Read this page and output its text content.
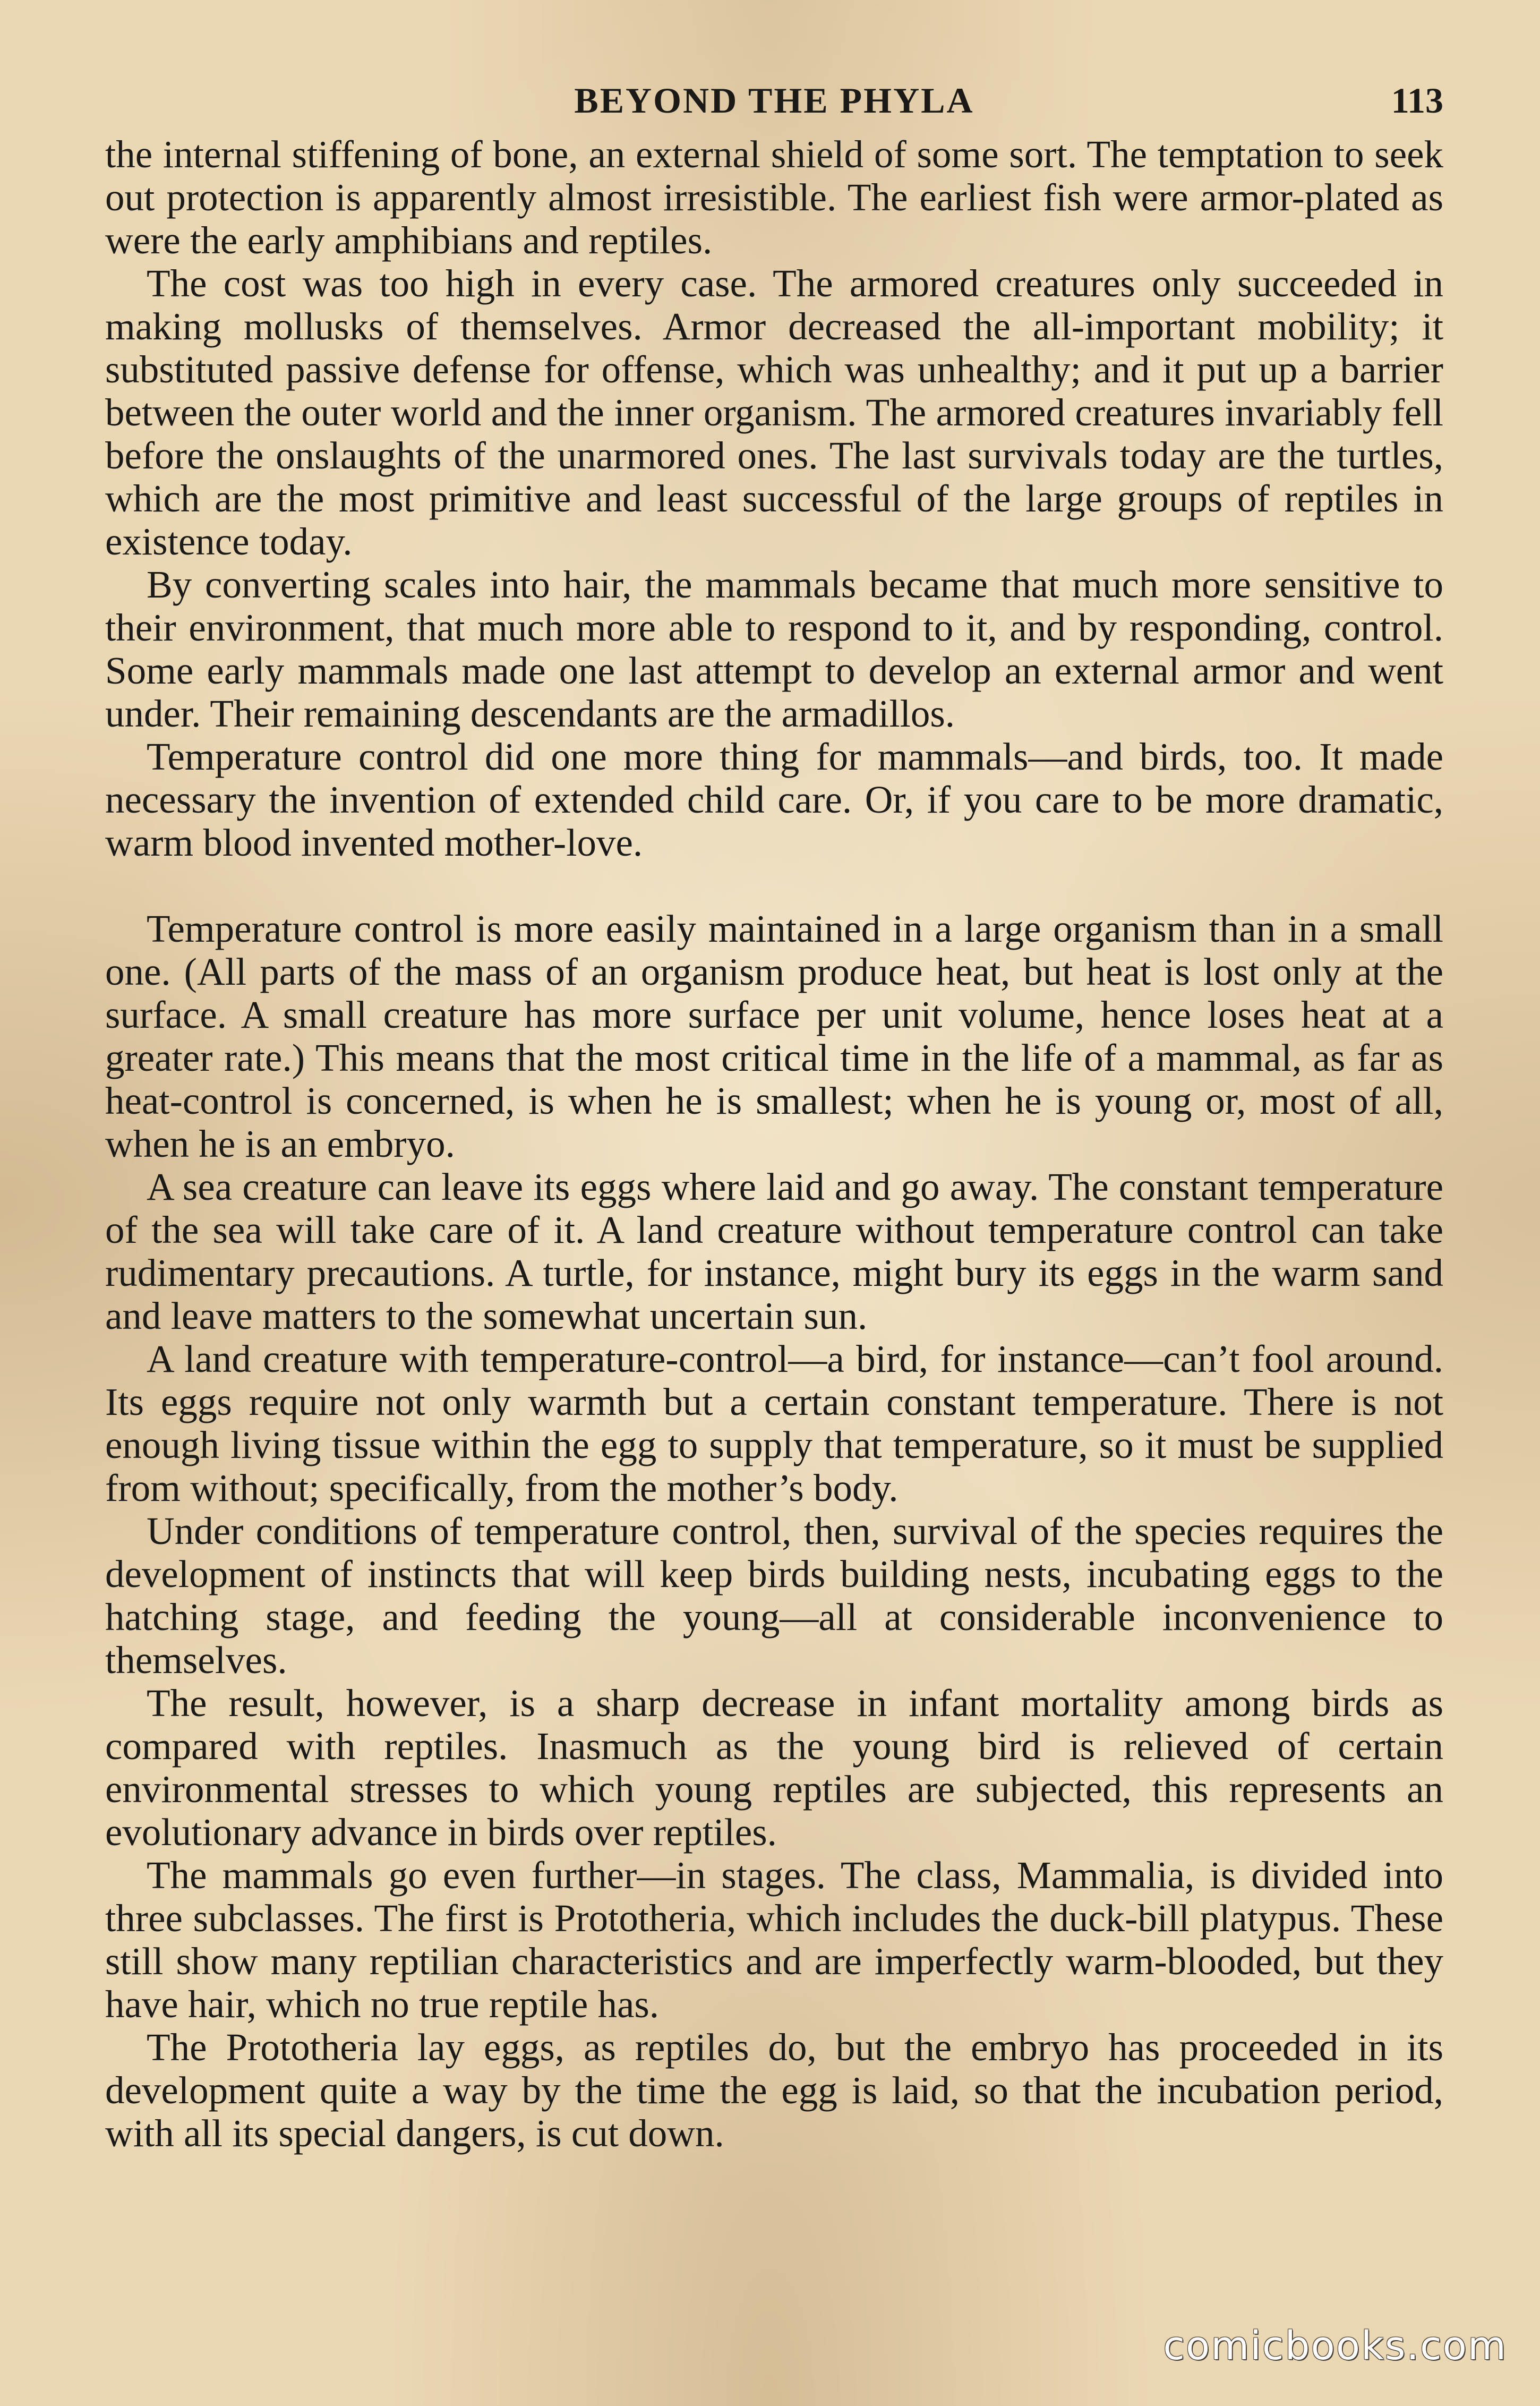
BEYOND THE PHYLA	113

the internal stiffening of bone, an external shield of some sort. The temptation to seek out protection is apparently almost irresistible. The earliest fish were armor-plated as were the early amphibians and reptiles.

The cost was too high in every case. The armored creatures only succeeded in making mollusks of themselves. Armor decreased the all-important mobility; it substituted passive defense for offense, which was unhealthy; and it put up a barrier between the outer world and the inner organism. The armored creatures invariably fell before the onslaughts of the unarmored ones. The last survivals today are the turtles, which are the most primitive and least successful of the large groups of reptiles in existence today.

By converting scales into hair, the mammals became that much more sensitive to their environment, that much more able to respond to it, and by responding, control. Some early mammals made one last attempt to develop an external armor and went under. Their remaining descendants are the armadillos.

Temperature control did one more thing for mammals—and birds, too. It made necessary the invention of extended child care. Or, if you care to be more dramatic, warm blood invented mother-love.

Temperature control is more easily maintained in a large organism than in a small one. (All parts of the mass of an organism produce heat, but heat is lost only at the surface. A small creature has more surface per unit volume, hence loses heat at a greater rate.) This means that the most critical time in the life of a mammal, as far as heat-control is concerned, is when he is smallest; when he is young or, most of all, when he is an embryo.

A sea creature can leave its eggs where laid and go away. The constant temperature of the sea will take care of it. A land creature without temperature control can take rudimentary precautions. A turtle, for instance, might bury its eggs in the warm sand and leave matters to the somewhat uncertain sun.

A land creature with temperature-control—a bird, for instance—can’t fool around. Its eggs require not only warmth but a certain constant temperature. There is not enough living tissue within the egg to supply that temperature, so it must be supplied from without; specifically, from the mother’s body.

Under conditions of temperature control, then, survival of the species requires the development of instincts that will keep birds building nests, incubating eggs to the hatching stage, and feeding the young—all at considerable inconvenience to themselves.

The result, however, is a sharp decrease in infant mortality among birds as compared with reptiles. Inasmuch as the young bird is relieved of certain environmental stresses to which young reptiles are subjected, this represents an evolutionary advance in birds over reptiles.

The mammals go even further—in stages. The class, Mammalia, is divided into three subclasses. The first is Prototheria, which includes the duck-bill platypus. These still show many reptilian characteristics and are imperfectly warm-blooded, but they have hair, which no true reptile has.

The Prototheria lay eggs, as reptiles do, but the embryo has proceeded in its development quite a way by the time the egg is laid, so that the incubation period, with all its special dangers, is cut down.

comicbooks.com
